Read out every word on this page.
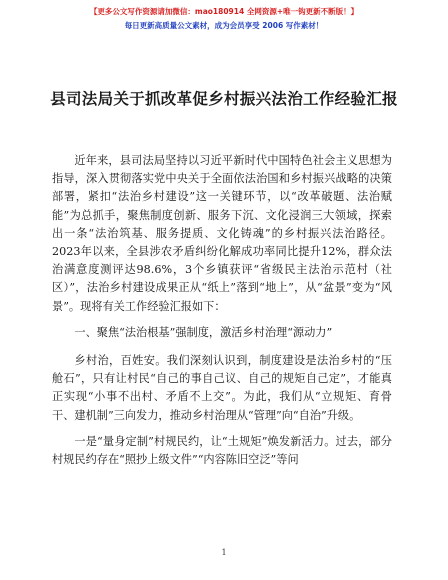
【更多公文写作资源请加微信：mao180914 全网资源+唯一钩更新不断版！】
每日更新高质量公文素材，成为会员享受 2006 写作素材！
县司法局关于抓改革促乡村振兴法治工作经验汇报

近年来，县司法局坚持以习近平新时代中国特色社会主义思想为指导，深入贯彻落实党中央关于全面依法治国和乡村振兴战略的决策部署，紧扣“法治乡村建设”这一关键环节，以“改革破题、法治赋能”为总抓手，聚焦制度创新、服务下沉、文化浸润三大领域，探索出一条“法治筑基、服务提质、文化铸魂”的乡村振兴法治路径。2023年以来，全县涉农矛盾纠纷化解成功率同比提升12%，群众法治满意度测评达98.6%，3个乡镇获评“省级民主法治示范村（社区）”，法治乡村建设成果正从“纸上”落到“地上”，从“盆景”变为“风景”。现将有关工作经验汇报如下：

一、聚焦“法治根基”强制度，激活乡村治理“源动力”

乡村治，百姓安。我们深刻认识到，制度建设是法治乡村的“压舱石”，只有让村民“自己的事自己议、自己的规矩自己定”，才能真正实现“小事不出村、矛盾不上交”。为此，我们从“立规矩、育骨干、建机制”三向发力，推动乡村治理从“管理”向“自治”升级。

一是“量身定制”村规民约，让“土规矩”焕发新活力。过去，部分村规民约存在“照抄上级文件”“内容陈旧空泛”等问

1
